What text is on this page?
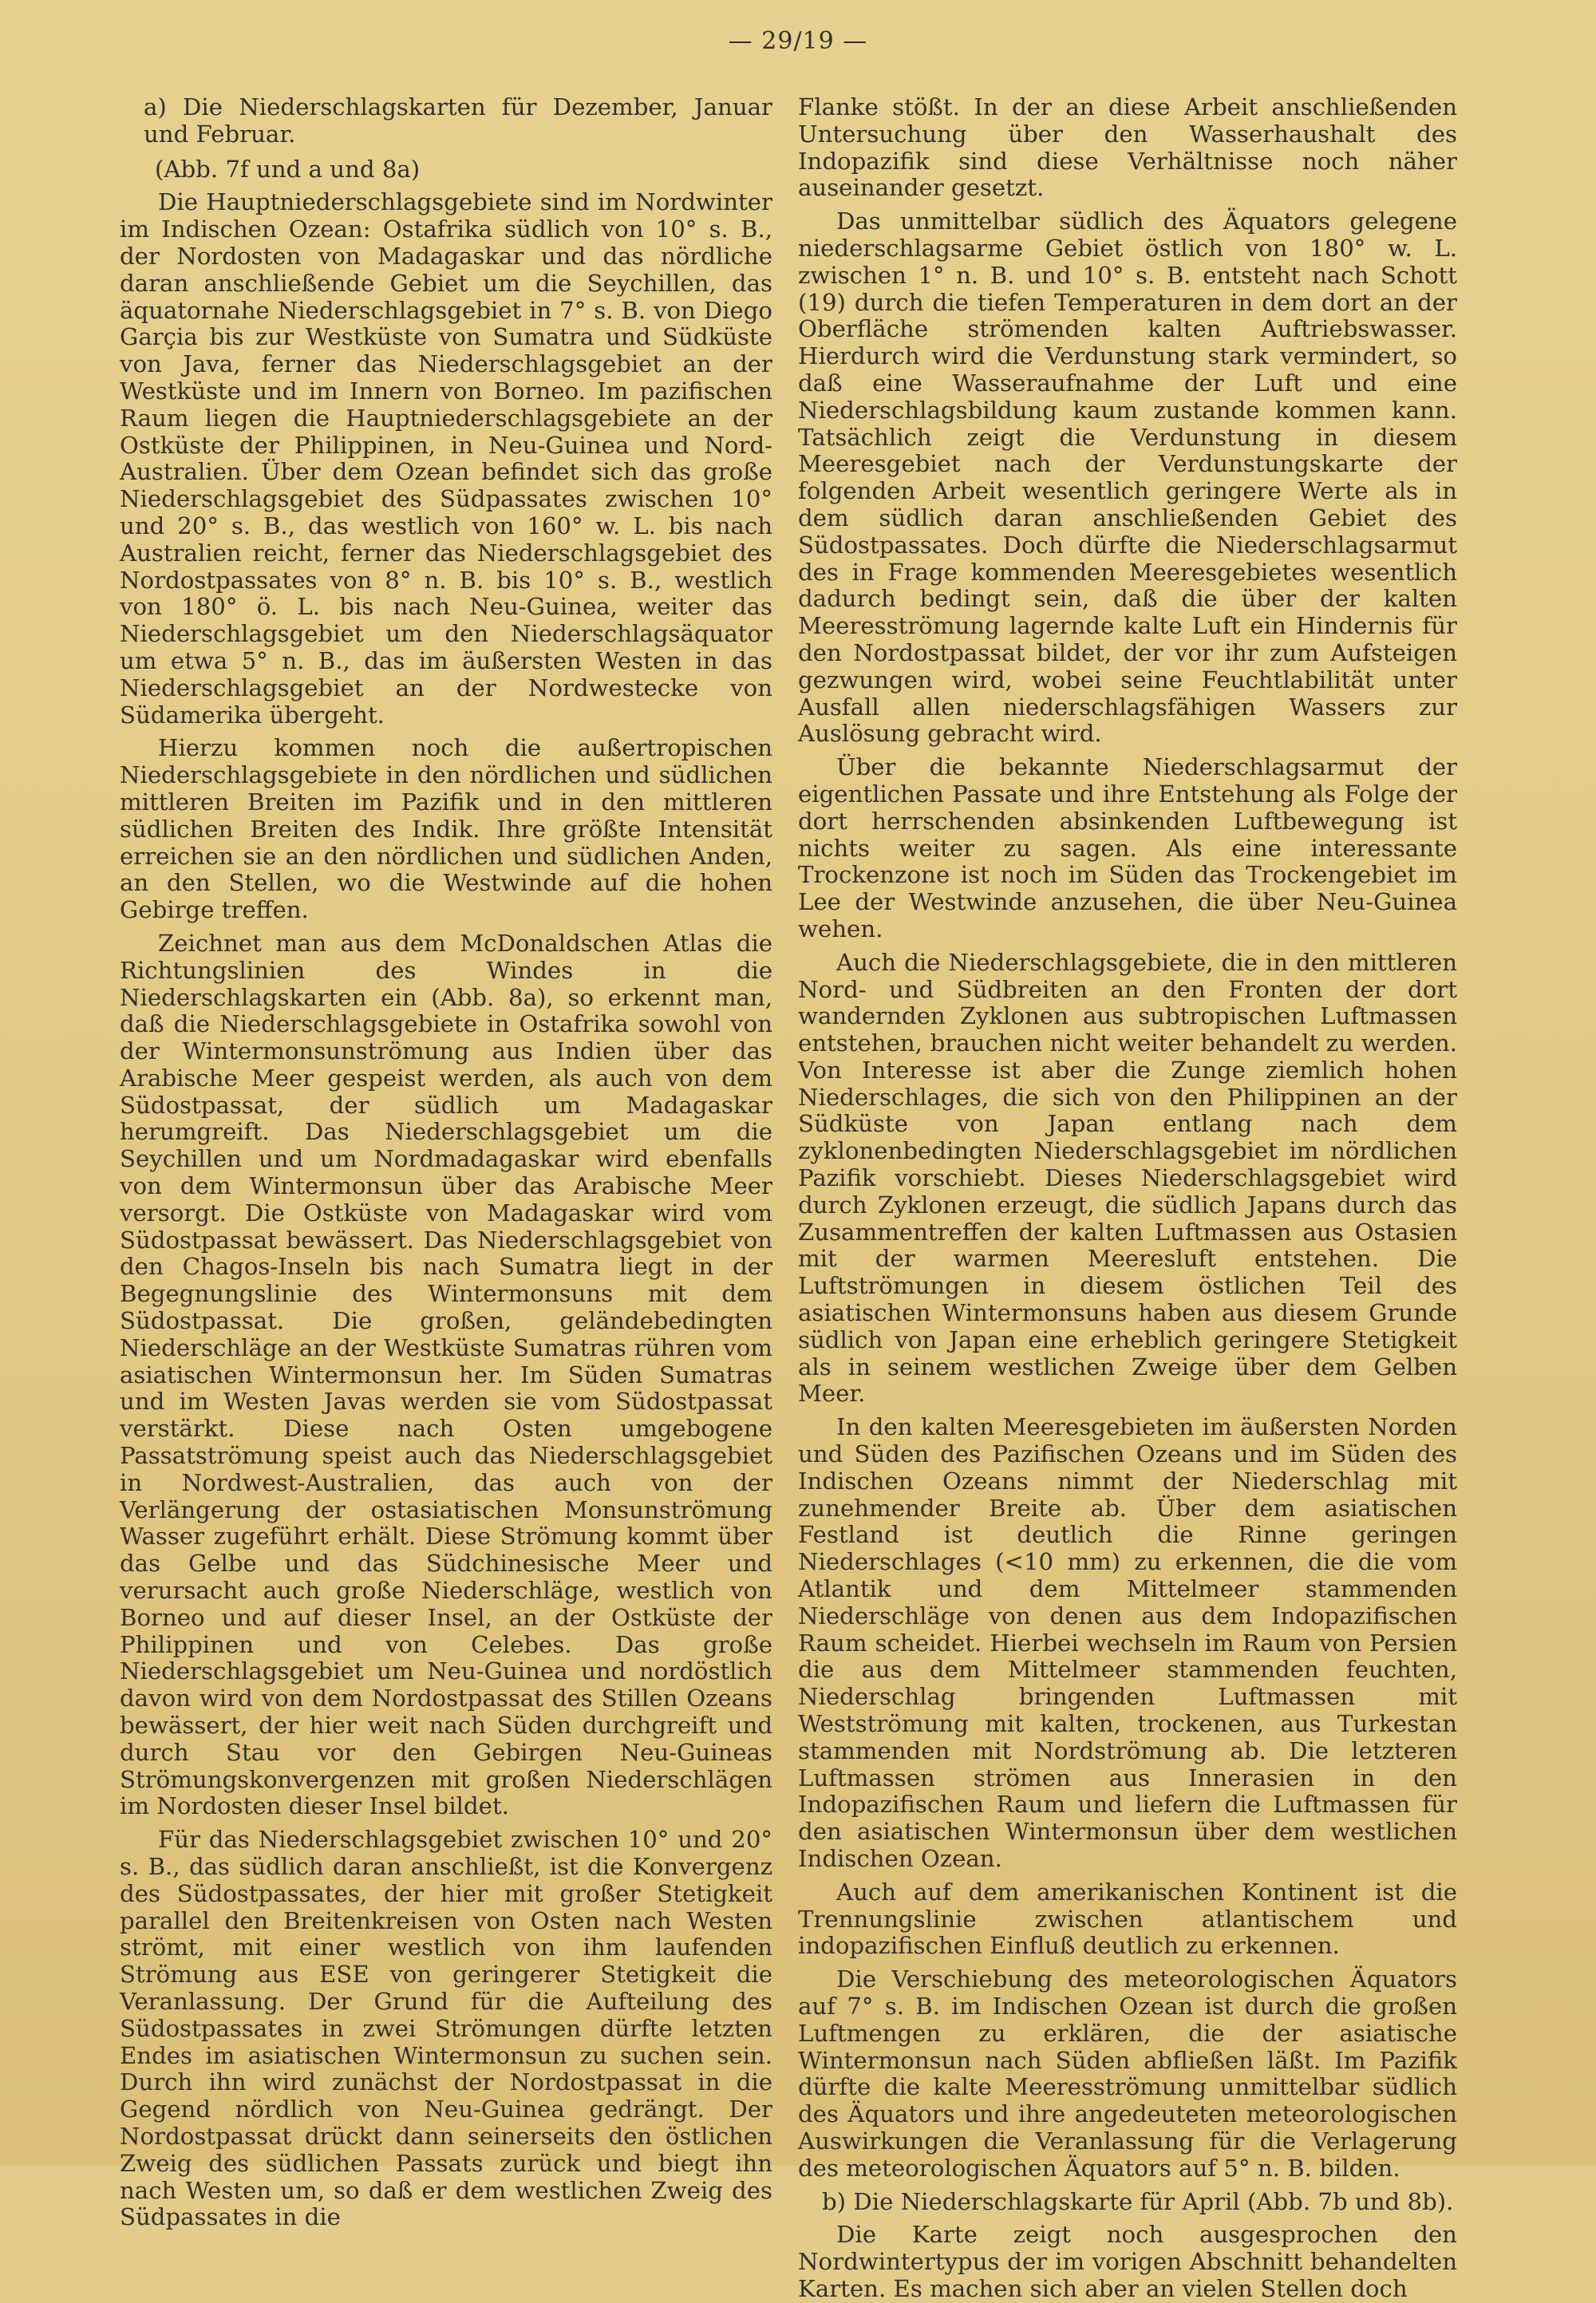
— 29/19 —

a) Die Niederschlagskarten für Dezember, Januar und Februar.

(Abb. 7f und a und 8a)

Die Hauptniederschlagsgebiete sind im Nordwinter im Indischen Ozean: Ostafrika südlich von 10° s. B., der Nordosten von Madagaskar und das nördliche daran anschließende Gebiet um die Seychillen, das äquatornahe Niederschlagsgebiet in 7° s. B. von Diego Garçia bis zur Westküste von Sumatra und Südküste von Java, ferner das Niederschlagsgebiet an der Westküste und im Innern von Borneo. Im pazifischen Raum liegen die Hauptniederschlagsgebiete an der Ostküste der Philippinen, in Neu-Guinea und Nord-Australien. Über dem Ozean befindet sich das große Niederschlagsgebiet des Südpassates zwischen 10° und 20° s. B., das westlich von 160° w. L. bis nach Australien reicht, ferner das Niederschlagsgebiet des Nordostpassates von 8° n. B. bis 10° s. B., westlich von 180° ö. L. bis nach Neu-Guinea, weiter das Niederschlagsgebiet um den Niederschlagsäquator um etwa 5° n. B., das im äußersten Westen in das Niederschlagsgebiet an der Nordwestecke von Südamerika übergeht.

Hierzu kommen noch die außertropischen Niederschlagsgebiete in den nördlichen und südlichen mittleren Breiten im Pazifik und in den mittleren südlichen Breiten des Indik. Ihre größte Intensität erreichen sie an den nördlichen und südlichen Anden, an den Stellen, wo die Westwinde auf die hohen Gebirge treffen.

Zeichnet man aus dem McDonaldschen Atlas die Richtungslinien des Windes in die Niederschlagskarten ein (Abb. 8a), so erkennt man, daß die Niederschlagsgebiete in Ostafrika sowohl von der Wintermonsunströmung aus Indien über das Arabische Meer gespeist werden, als auch von dem Südostpassat, der südlich um Madagaskar herumgreift. Das Niederschlagsgebiet um die Seychillen und um Nordmadagaskar wird ebenfalls von dem Wintermonsun über das Arabische Meer versorgt. Die Ostküste von Madagaskar wird vom Südostpassat bewässert. Das Niederschlagsgebiet von den Chagos-Inseln bis nach Sumatra liegt in der Begegnungslinie des Wintermonsuns mit dem Südostpassat. Die großen, geländebedingten Niederschläge an der Westküste Sumatras rühren vom asiatischen Wintermonsun her. Im Süden Sumatras und im Westen Javas werden sie vom Südostpassat verstärkt. Diese nach Osten umgebogene Passatströmung speist auch das Niederschlagsgebiet in Nordwest-Australien, das auch von der Verlängerung der ostasiatischen Monsunströmung Wasser zugeführt erhält. Diese Strömung kommt über das Gelbe und das Südchinesische Meer und verursacht auch große Niederschläge, westlich von Borneo und auf dieser Insel, an der Ostküste der Philippinen und von Celebes. Das große Niederschlagsgebiet um Neu-Guinea und nordöstlich davon wird von dem Nordostpassat des Stillen Ozeans bewässert, der hier weit nach Süden durchgreift und durch Stau vor den Gebirgen Neu-Guineas Strömungskonvergenzen mit großen Niederschlägen im Nordosten dieser Insel bildet.

Für das Niederschlagsgebiet zwischen 10° und 20° s. B., das südlich daran anschließt, ist die Konvergenz des Südostpassates, der hier mit großer Stetigkeit parallel den Breitenkreisen von Osten nach Westen strömt, mit einer westlich von ihm laufenden Strömung aus ESE von geringerer Stetigkeit die Veranlassung. Der Grund für die Aufteilung des Südostpassates in zwei Strömungen dürfte letzten Endes im asiatischen Wintermonsun zu suchen sein. Durch ihn wird zunächst der Nordostpassat in die Gegend nördlich von Neu-Guinea gedrängt. Der Nordostpassat drückt dann seinerseits den östlichen Zweig des südlichen Passats zurück und biegt ihn nach Westen um, so daß er dem westlichen Zweig des Südpassates in die

Flanke stößt. In der an diese Arbeit anschließenden Untersuchung über den Wasserhaushalt des Indopazifik sind diese Verhältnisse noch näher auseinander gesetzt.

Das unmittelbar südlich des Äquators gelegene niederschlagsarme Gebiet östlich von 180° w. L. zwischen 1° n. B. und 10° s. B. entsteht nach Schott (19) durch die tiefen Temperaturen in dem dort an der Oberfläche strömenden kalten Auftriebswasser. Hierdurch wird die Verdunstung stark vermindert, so daß eine Wasseraufnahme der Luft und eine Niederschlagsbildung kaum zustande kommen kann. Tatsächlich zeigt die Verdunstung in diesem Meeresgebiet nach der Verdunstungskarte der folgenden Arbeit wesentlich geringere Werte als in dem südlich daran anschließenden Gebiet des Südostpassates. Doch dürfte die Niederschlagsarmut des in Frage kommenden Meeresgebietes wesentlich dadurch bedingt sein, daß die über der kalten Meeresströmung lagernde kalte Luft ein Hindernis für den Nordostpassat bildet, der vor ihr zum Aufsteigen gezwungen wird, wobei seine Feuchtlabilität unter Ausfall allen niederschlagsfähigen Wassers zur Auslösung gebracht wird.

Über die bekannte Niederschlagsarmut der eigentlichen Passate und ihre Entstehung als Folge der dort herrschenden absinkenden Luftbewegung ist nichts weiter zu sagen. Als eine interessante Trockenzone ist noch im Süden das Trockengebiet im Lee der Westwinde anzusehen, die über Neu-Guinea wehen.

Auch die Niederschlagsgebiete, die in den mittleren Nord- und Südbreiten an den Fronten der dort wandernden Zyklonen aus subtropischen Luftmassen entstehen, brauchen nicht weiter behandelt zu werden. Von Interesse ist aber die Zunge ziemlich hohen Niederschlages, die sich von den Philippinen an der Südküste von Japan entlang nach dem zyklonenbedingten Niederschlagsgebiet im nördlichen Pazifik vorschiebt. Dieses Niederschlagsgebiet wird durch Zyklonen erzeugt, die südlich Japans durch das Zusammentreffen der kalten Luftmassen aus Ostasien mit der warmen Meeresluft entstehen. Die Luftströmungen in diesem östlichen Teil des asiatischen Wintermonsuns haben aus diesem Grunde südlich von Japan eine erheblich geringere Stetigkeit als in seinem westlichen Zweige über dem Gelben Meer.

In den kalten Meeresgebieten im äußersten Norden und Süden des Pazifischen Ozeans und im Süden des Indischen Ozeans nimmt der Niederschlag mit zunehmender Breite ab. Über dem asiatischen Festland ist deutlich die Rinne geringen Niederschlages (<10 mm) zu erkennen, die die vom Atlantik und dem Mittelmeer stammenden Niederschläge von denen aus dem Indopazifischen Raum scheidet. Hierbei wechseln im Raum von Persien die aus dem Mittelmeer stammenden feuchten, Niederschlag bringenden Luftmassen mit Westströmung mit kalten, trockenen, aus Turkestan stammenden mit Nordströmung ab. Die letzteren Luftmassen strömen aus Innerasien in den Indopazifischen Raum und liefern die Luftmassen für den asiatischen Wintermonsun über dem westlichen Indischen Ozean.

Auch auf dem amerikanischen Kontinent ist die Trennungslinie zwischen atlantischem und indopazifischen Einfluß deutlich zu erkennen.

Die Verschiebung des meteorologischen Äquators auf 7° s. B. im Indischen Ozean ist durch die großen Luftmengen zu erklären, die der asiatische Wintermonsun nach Süden abfließen läßt. Im Pazifik dürfte die kalte Meeresströmung unmittelbar südlich des Äquators und ihre angedeuteten meteorologischen Auswirkungen die Veranlassung für die Verlagerung des meteorologischen Äquators auf 5° n. B. bilden.

b) Die Niederschlagskarte für April (Abb. 7b und 8b).

Die Karte zeigt noch ausgesprochen den Nordwintertypus der im vorigen Abschnitt behandelten Karten. Es machen sich aber an vielen Stellen doch
